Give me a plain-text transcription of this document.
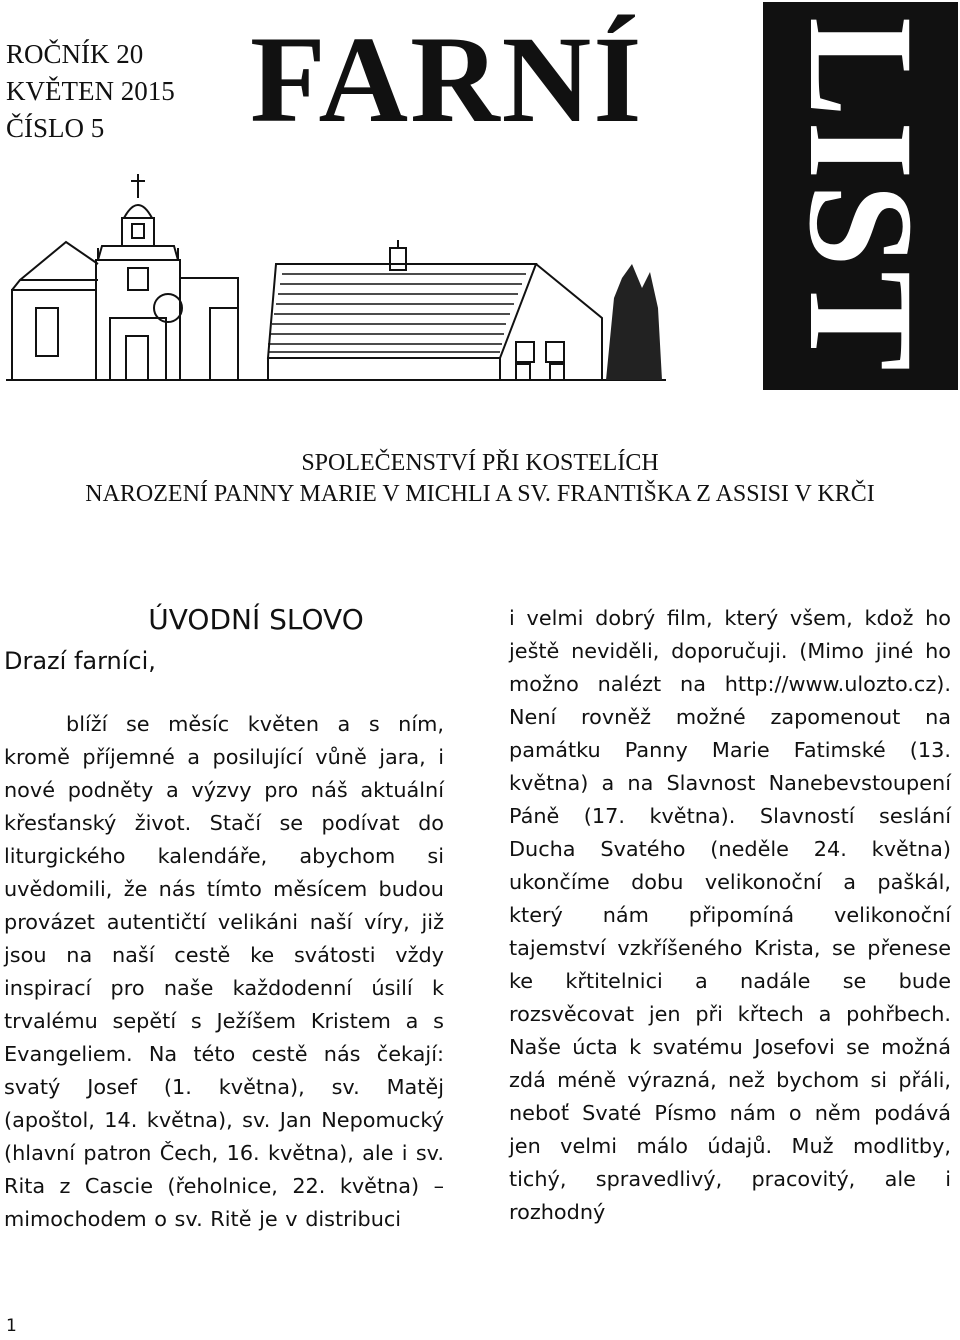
ROČNÍK 20
KVĚTEN 2015
ČÍSLO 5	FARNÍ LIST
SPOLEČENSTVÍ PŘI KOSTELÍCH
NAROZENÍ PANNY MARIE V MICHLI A SV. FRANTIŠKA Z ASSISI V KRČI
ÚVODNÍ SLOVO
Drazí farníci,
blíží se měsíc květen a s ním, kromě příjemné a posilující vůně jara, i nové podněty a výzvy pro náš aktuální křesťanský život. Stačí se podívat do liturgického kalendáře, abychom si uvědomili, že nás tímto měsícem budou provázet autentičtí velikáni naší víry, již jsou na naší cestě ke svátosti vždy inspirací pro naše každodenní úsilí k trvalému sepětí s Ježíšem Kristem a s Evangeliem. Na této cestě nás čekají: svatý Josef (1. května), sv. Matěj (apoštol, 14. května), sv. Jan Nepomucký (hlavní patron Čech, 16. května), ale i sv. Rita z Cascie (řeholnice, 22. května) – mimochodem o sv. Ritě je v distribuci
i velmi dobrý film, který všem, kdož ho ještě neviděli, doporučuji. (Mimo jiné ho možno nalézt na http://www.ulozto.cz). Není rovněž možné zapomenout na památku Panny Marie Fatimské (13. května) a na Slavnost Nanebevstoupení Páně (17. května). Slavností seslání Ducha Svatého (neděle 24. května) ukončíme dobu velikonoční a paškál, který nám připomíná velikonoční tajemství vzkříšeného Krista, se přenese ke křtitelnici a nadále se bude rozsvěcovat jen při křtech a pohřbech. Naše úcta k svatému Josefovi se možná zdá méně výrazná, než bychom si přáli, neboť Svaté Písmo nám o něm podává jen velmi málo údajů. Muž modlitby, tichý, spravedlivý, pracovitý, ale i rozhodný
1
